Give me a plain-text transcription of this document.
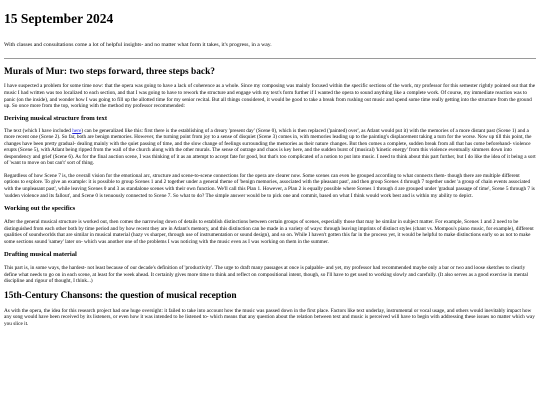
15 September 2024

With classes and consultations come a lot of helpful insights- and no matter what form it takes, it's progress, in a way.

Murals of Mur: two steps forward, three steps back?

I have suspected a problem for some time now: that the opera was going to have a lack of coherence as a whole. Since my composing was mainly focused within the specific sections of the work, my professor for this semester rightly pointed out that the music I had written was too localized to each section, and that I was going to have to rework the structure and engage with my text's form further if I wanted the opera to sound anything like a complete work. Of course, my immediate reaction was to panic (on the inside), and wonder how I was going to fill up the allotted time for my senior recital. But all things considered, it would be good to take a break from rushing out music and spend some time really getting into the structure from the ground up. So once more from the top, working with the method my professor recommended:

Deriving musical structure from text

The text (which I have included here) can be generalized like this: first there is the establishing of a dreary 'present day' (Scene 0), which is then replaced ('painted) over', as Atlant would put it) with the memories of a more distant past (Scene 1) and a more recent one (Scene 2). So far, both are benign memories. However, the turning point from joy to a sense of disquiet (Scene 3) comes in, with memories leading up to the painting's displacement taking a turn for the worse. Now up till this point, the changes have been pretty gradual- dealing mainly with the quiet passing of time, and the slow change of feelings surrounding the memories as their nature changes. But then comes a complete, sudden break from all that has come beforehand- violence erupts (Scene 5), with Atlant being ripped from the wall of the church along with the other murals. The sense of outrage and chaos is key here, and the sudden burst of (musical) 'kinetic energy' from this violence eventually simmers down into despondency and grief (Scene 6). As for the final auction scene, I was thinking of it as an attempt to accept fate for good, but that's too complicated of a notion to put into music. I need to think about this part further, but I do like the idea of it being a sort of 'want to move on but can't' sort of thing.

Regardless of how Scene 7 is, the overall vision for the emotional arc, structure and scene-to-scene connections for the opera are clearer now. Some scenes can even be grouped according to what connects them- though there are multiple different options to explore. To give an example: it is possible to group Scenes 1 and 2 together under a general theme of 'benign memories, associated with the pleasant past', and then group Scenes 4 through 7 together under 'a group of chain events associated with the unpleasant past', while leaving Scenes 0 and 3 as standalone scenes with their own function. We'll call this Plan 1. However, a Plan 2 is equally possible where Scenes 1 through 4 are grouped under 'gradual passage of time', Scene 5 through 7 is 'sudden violence and its fallout', and Scene 0 is tenuously connected to Scene 7. So what to do? The simple answer would be to pick one and commit, based on what I think would work best and is within my ability to depict.

Working out the specifics

After the general musical structure is worked out, then comes the narrowing down of details to establish distinctions between certain groups of scenes, especially those that may be similar in subject matter. For example, Scenes 1 and 2 need to be distinguished from each other both by time period and by how recent they are in Atlant's memory, and this distinction can be made in a variety of ways: through leaving imprints of distinct styles (chant vs. Mompou's piano music, for example), different qualities of soundworlds that are similar in musical material (hazy vs sharper, through use of instrumentation or sound design), and so on. While I haven't gotten this far in the process yet, it would be helpful to make distinctions early so as not to make some sections sound 'samey' later on- which was another one of the problems I was noticing with the music even as I was working on them in the summer.

Drafting musical material

This part is, in some ways, the hardest- not least because of our decade's definition of 'productivity'. The urge to draft many passages at once is palpable- and yet, my professor had recommended maybe only a bar or two and loose sketches to clearly define what needs to go on in each scene, at least for the week ahead. It certainly gives more time to think and reflect on compositional intent, though, so I'll have to get used to working slowly and carefully. (It also serves as a good exercise in mental discipline and rigour of thought, I think...)

15th-Century Chansons: the question of musical reception

As with the opera, the idea for this research project had one huge oversight: it failed to take into account how the music was passed down in the first place. Factors like text underlay, instrumental or vocal usage, and others would inevitably impact how any song would have been received by its listeners, or even how it was intended to be listened to- which means that any question about the relation between text and music is perceived will have to begin with addressing these issues no matter which way you slice it.
